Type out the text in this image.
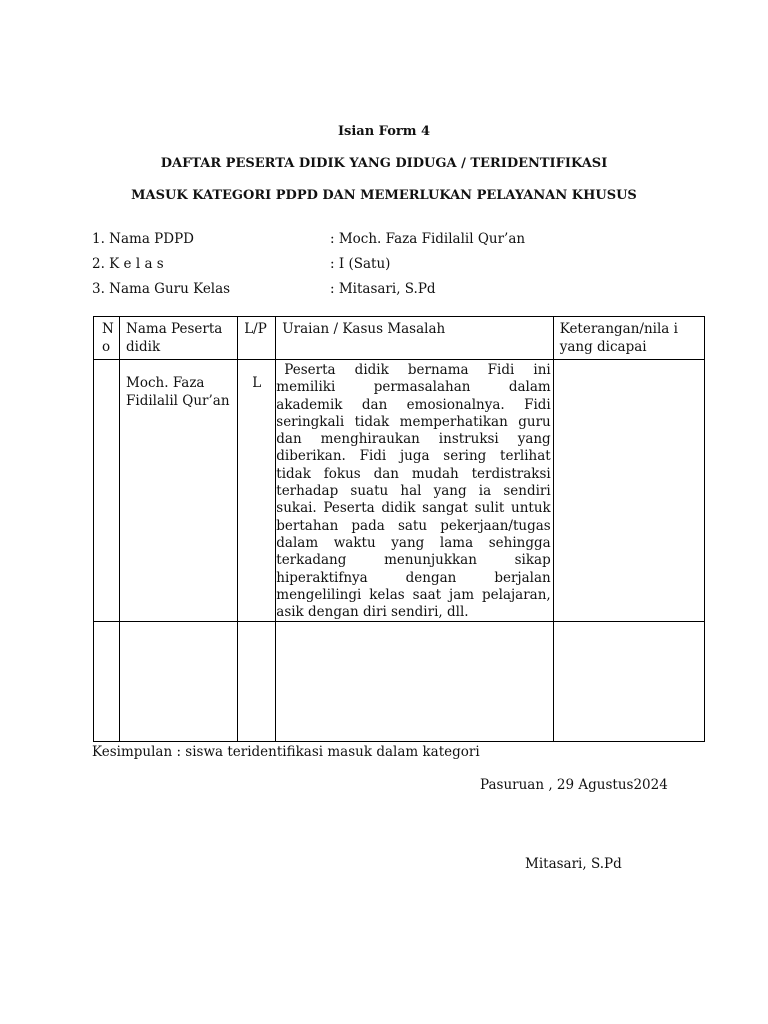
Isian Form 4
DAFTAR PESERTA DIDIK YANG DIDUGA / TERIDENTIFIKASI
MASUK KATEGORI PDPD DAN MEMERLUKAN PELAYANAN KHUSUS
1. Nama PDPD	: Moch. Faza Fidilalil Qur’an
2. K e l a s	: I (Satu)
3. Nama Guru Kelas	: Mitasari, S.Pd
No	Nama Peserta didik	L/P	Uraian / Kasus Masalah	Keterangan/nila i yang dicapai

	Moch. Faza Fidilalil Qur’an	L	Peserta didik bernama Fidi ini memiliki permasalahan dalam akademik dan emosionalnya. Fidi seringkali tidak memperhatikan guru dan menghiraukan instruksi yang diberikan. Fidi juga sering terlihat tidak fokus dan mudah terdistraksi terhadap suatu hal yang ia sendiri sukai. Peserta didik sangat sulit untuk bertahan pada satu pekerjaan/tugas dalam waktu yang lama sehingga terkadang menunjukkan sikap hiperaktifnya dengan berjalan mengelilingi kelas saat jam pelajaran, asik dengan diri sendiri, dll.	

Kesimpulan : siswa teridentifikasi masuk dalam kategori
Pasuruan , 29 Agustus2024
Mitasari, S.Pd
